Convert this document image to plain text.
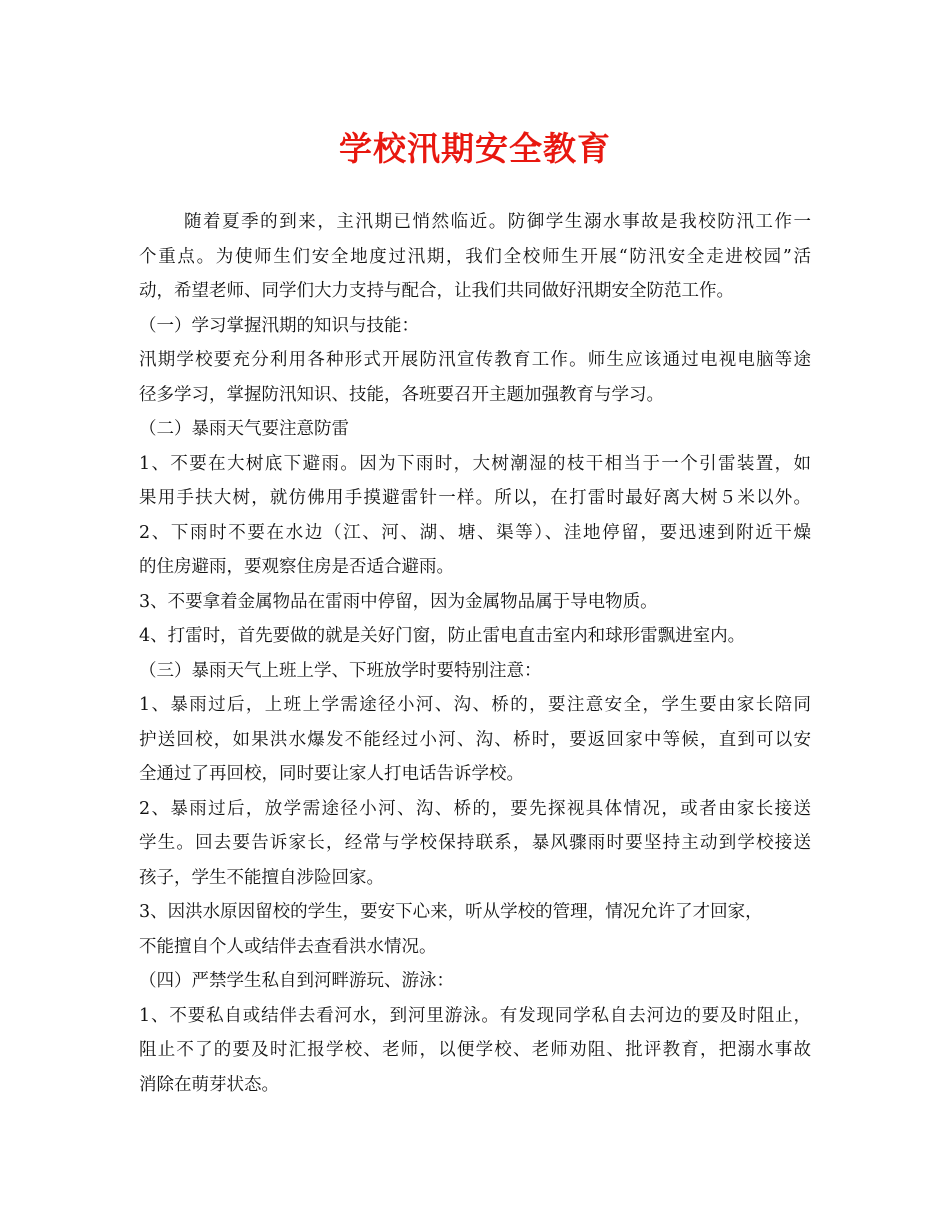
学校汛期安全教育
随着夏季的到来，主汛期已悄然临近。防御学生溺水事故是我校防汛工作一
个重点。为使师生们安全地度过汛期，我们全校师生开展“防汛安全走进校园”活
动，希望老师、同学们大力支持与配合，让我们共同做好汛期安全防范工作。
（一）学习掌握汛期的知识与技能：
汛期学校要充分利用各种形式开展防汛宣传教育工作。师生应该通过电视电脑等途
径多学习，掌握防汛知识、技能，各班要召开主题加强教育与学习。
（二）暴雨天气要注意防雷
1、不要在大树底下避雨。因为下雨时，大树潮湿的枝干相当于一个引雷装置，如
果用手扶大树，就仿佛用手摸避雷针一样。所以，在打雷时最好离大树５米以外。
2、下雨时不要在水边（江、河、湖、塘、渠等）、洼地停留，要迅速到附近干燥
的住房避雨，要观察住房是否适合避雨。
3、不要拿着金属物品在雷雨中停留，因为金属物品属于导电物质。
4、打雷时，首先要做的就是关好门窗，防止雷电直击室内和球形雷飘进室内。
（三）暴雨天气上班上学、下班放学时要特别注意：
1、暴雨过后，上班上学需途径小河、沟、桥的，要注意安全，学生要由家长陪同
护送回校，如果洪水爆发不能经过小河、沟、桥时，要返回家中等候，直到可以安
全通过了再回校，同时要让家人打电话告诉学校。
2、暴雨过后，放学需途径小河、沟、桥的，要先探视具体情况，或者由家长接送
学生。回去要告诉家长，经常与学校保持联系，暴风骤雨时要坚持主动到学校接送
孩子，学生不能擅自涉险回家。
3、因洪水原因留校的学生，要安下心来，听从学校的管理，情况允许了才回家，
不能擅自个人或结伴去查看洪水情况。
（四）严禁学生私自到河畔游玩、游泳：
1、不要私自或结伴去看河水，到河里游泳。有发现同学私自去河边的要及时阻止，
阻止不了的要及时汇报学校、老师，以便学校、老师劝阻、批评教育，把溺水事故
消除在萌芽状态。
